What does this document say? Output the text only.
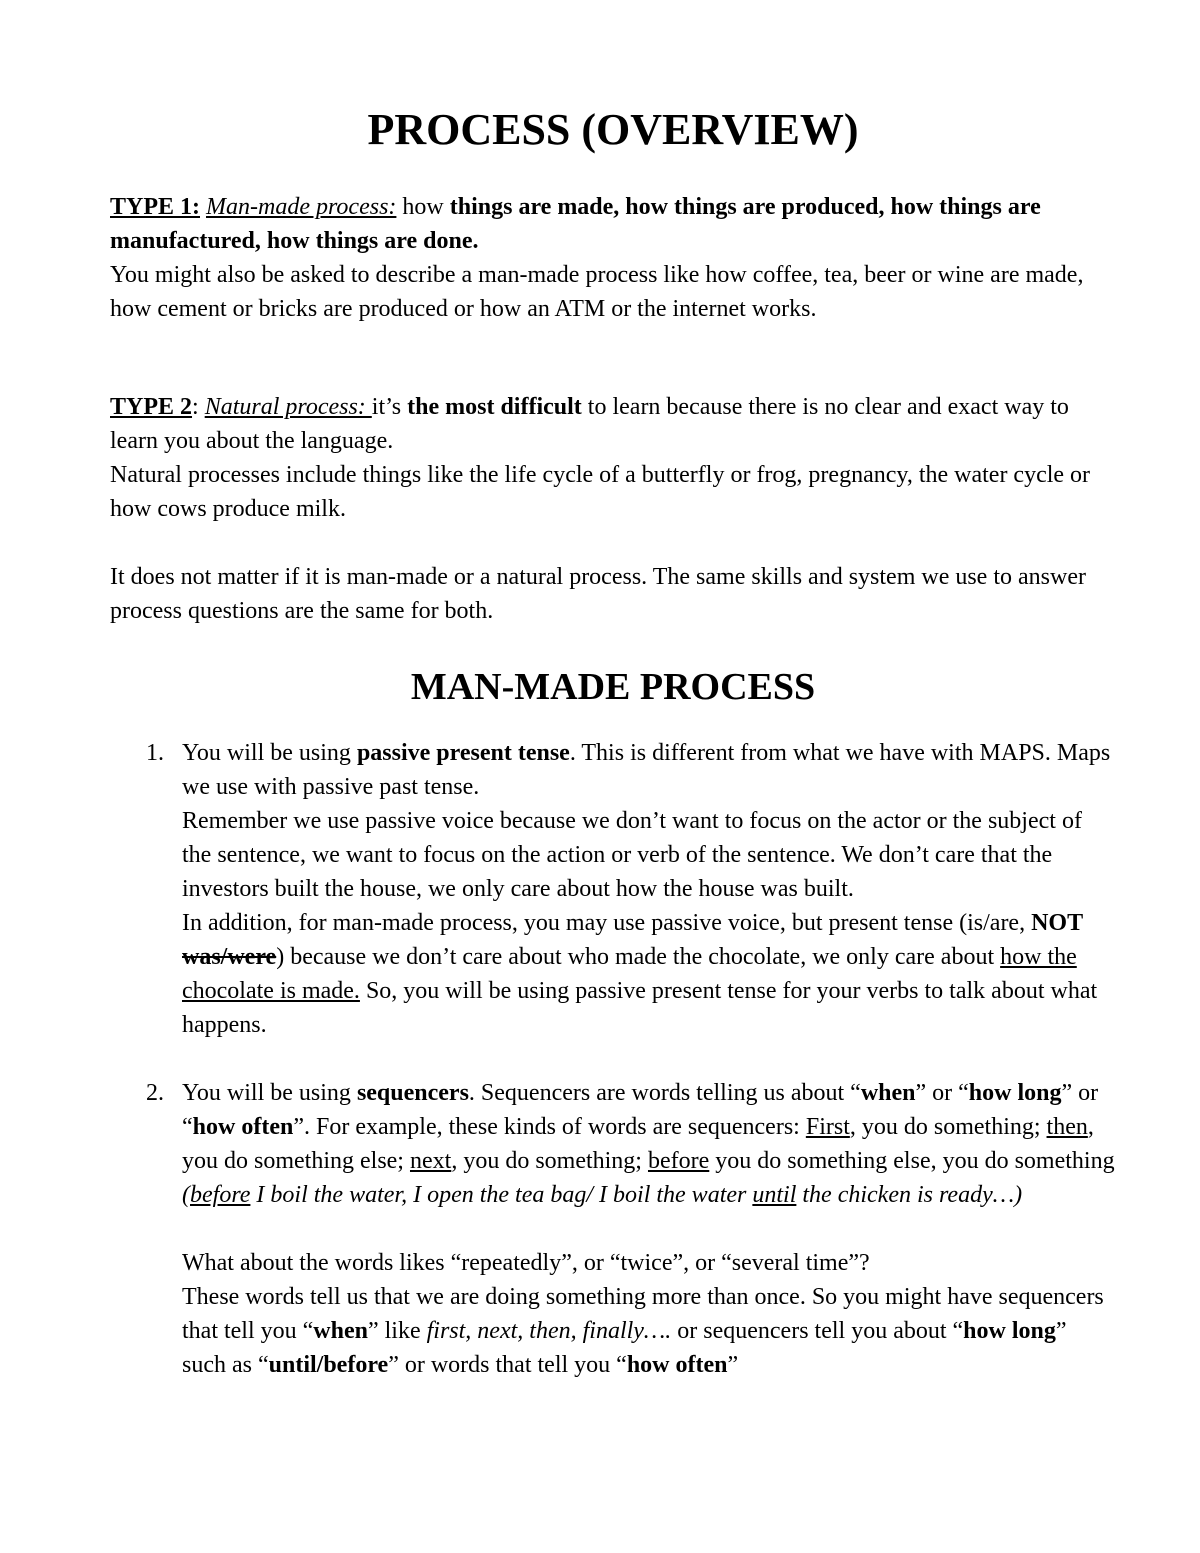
PROCESS (OVERVIEW)

TYPE 1: Man-made process: how things are made, how things are produced, how things are manufactured, how things are done.

You might also be asked to describe a man-made process like how coffee, tea, beer or wine are made, how cement or bricks are produced or how an ATM or the internet works.

TYPE 2: Natural process: it’s the most difficult to learn because there is no clear and exact way to learn you about the language.

Natural processes include things like the life cycle of a butterfly or frog, pregnancy, the water cycle or how cows produce milk.

It does not matter if it is man-made or a natural process. The same skills and system we use to answer process questions are the same for both.

MAN-MADE PROCESS
1. You will be using passive present tense. This is different from what we have with MAPS. Maps we use with passive past tense.

Remember we use passive voice because we don’t want to focus on the actor or the subject of the sentence, we want to focus on the action or verb of the sentence. We don’t care that the investors built the house, we only care about how the house was built.

In addition, for man-made process, you may use passive voice, but present tense (is/are, NOT was/were) because we don’t care about who made the chocolate, we only care about how the chocolate is made. So, you will be using passive present tense for your verbs to talk about what happens.

2. You will be using sequencers. Sequencers are words telling us about “when” or “how long” or “how often”. For example, these kinds of words are sequencers: First, you do something; then, you do something else; next, you do something; before you do something else, you do something (before I boil the water, I open the tea bag/ I boil the water until the chicken is ready…)

What about the words likes “repeatedly”, or “twice”, or “several time”?

These words tell us that we are doing something more than once. So you might have sequencers that tell you “when” like first, next, then, finally…. or sequencers tell you about “how long” such as “until/before” or words that tell you “how often”
